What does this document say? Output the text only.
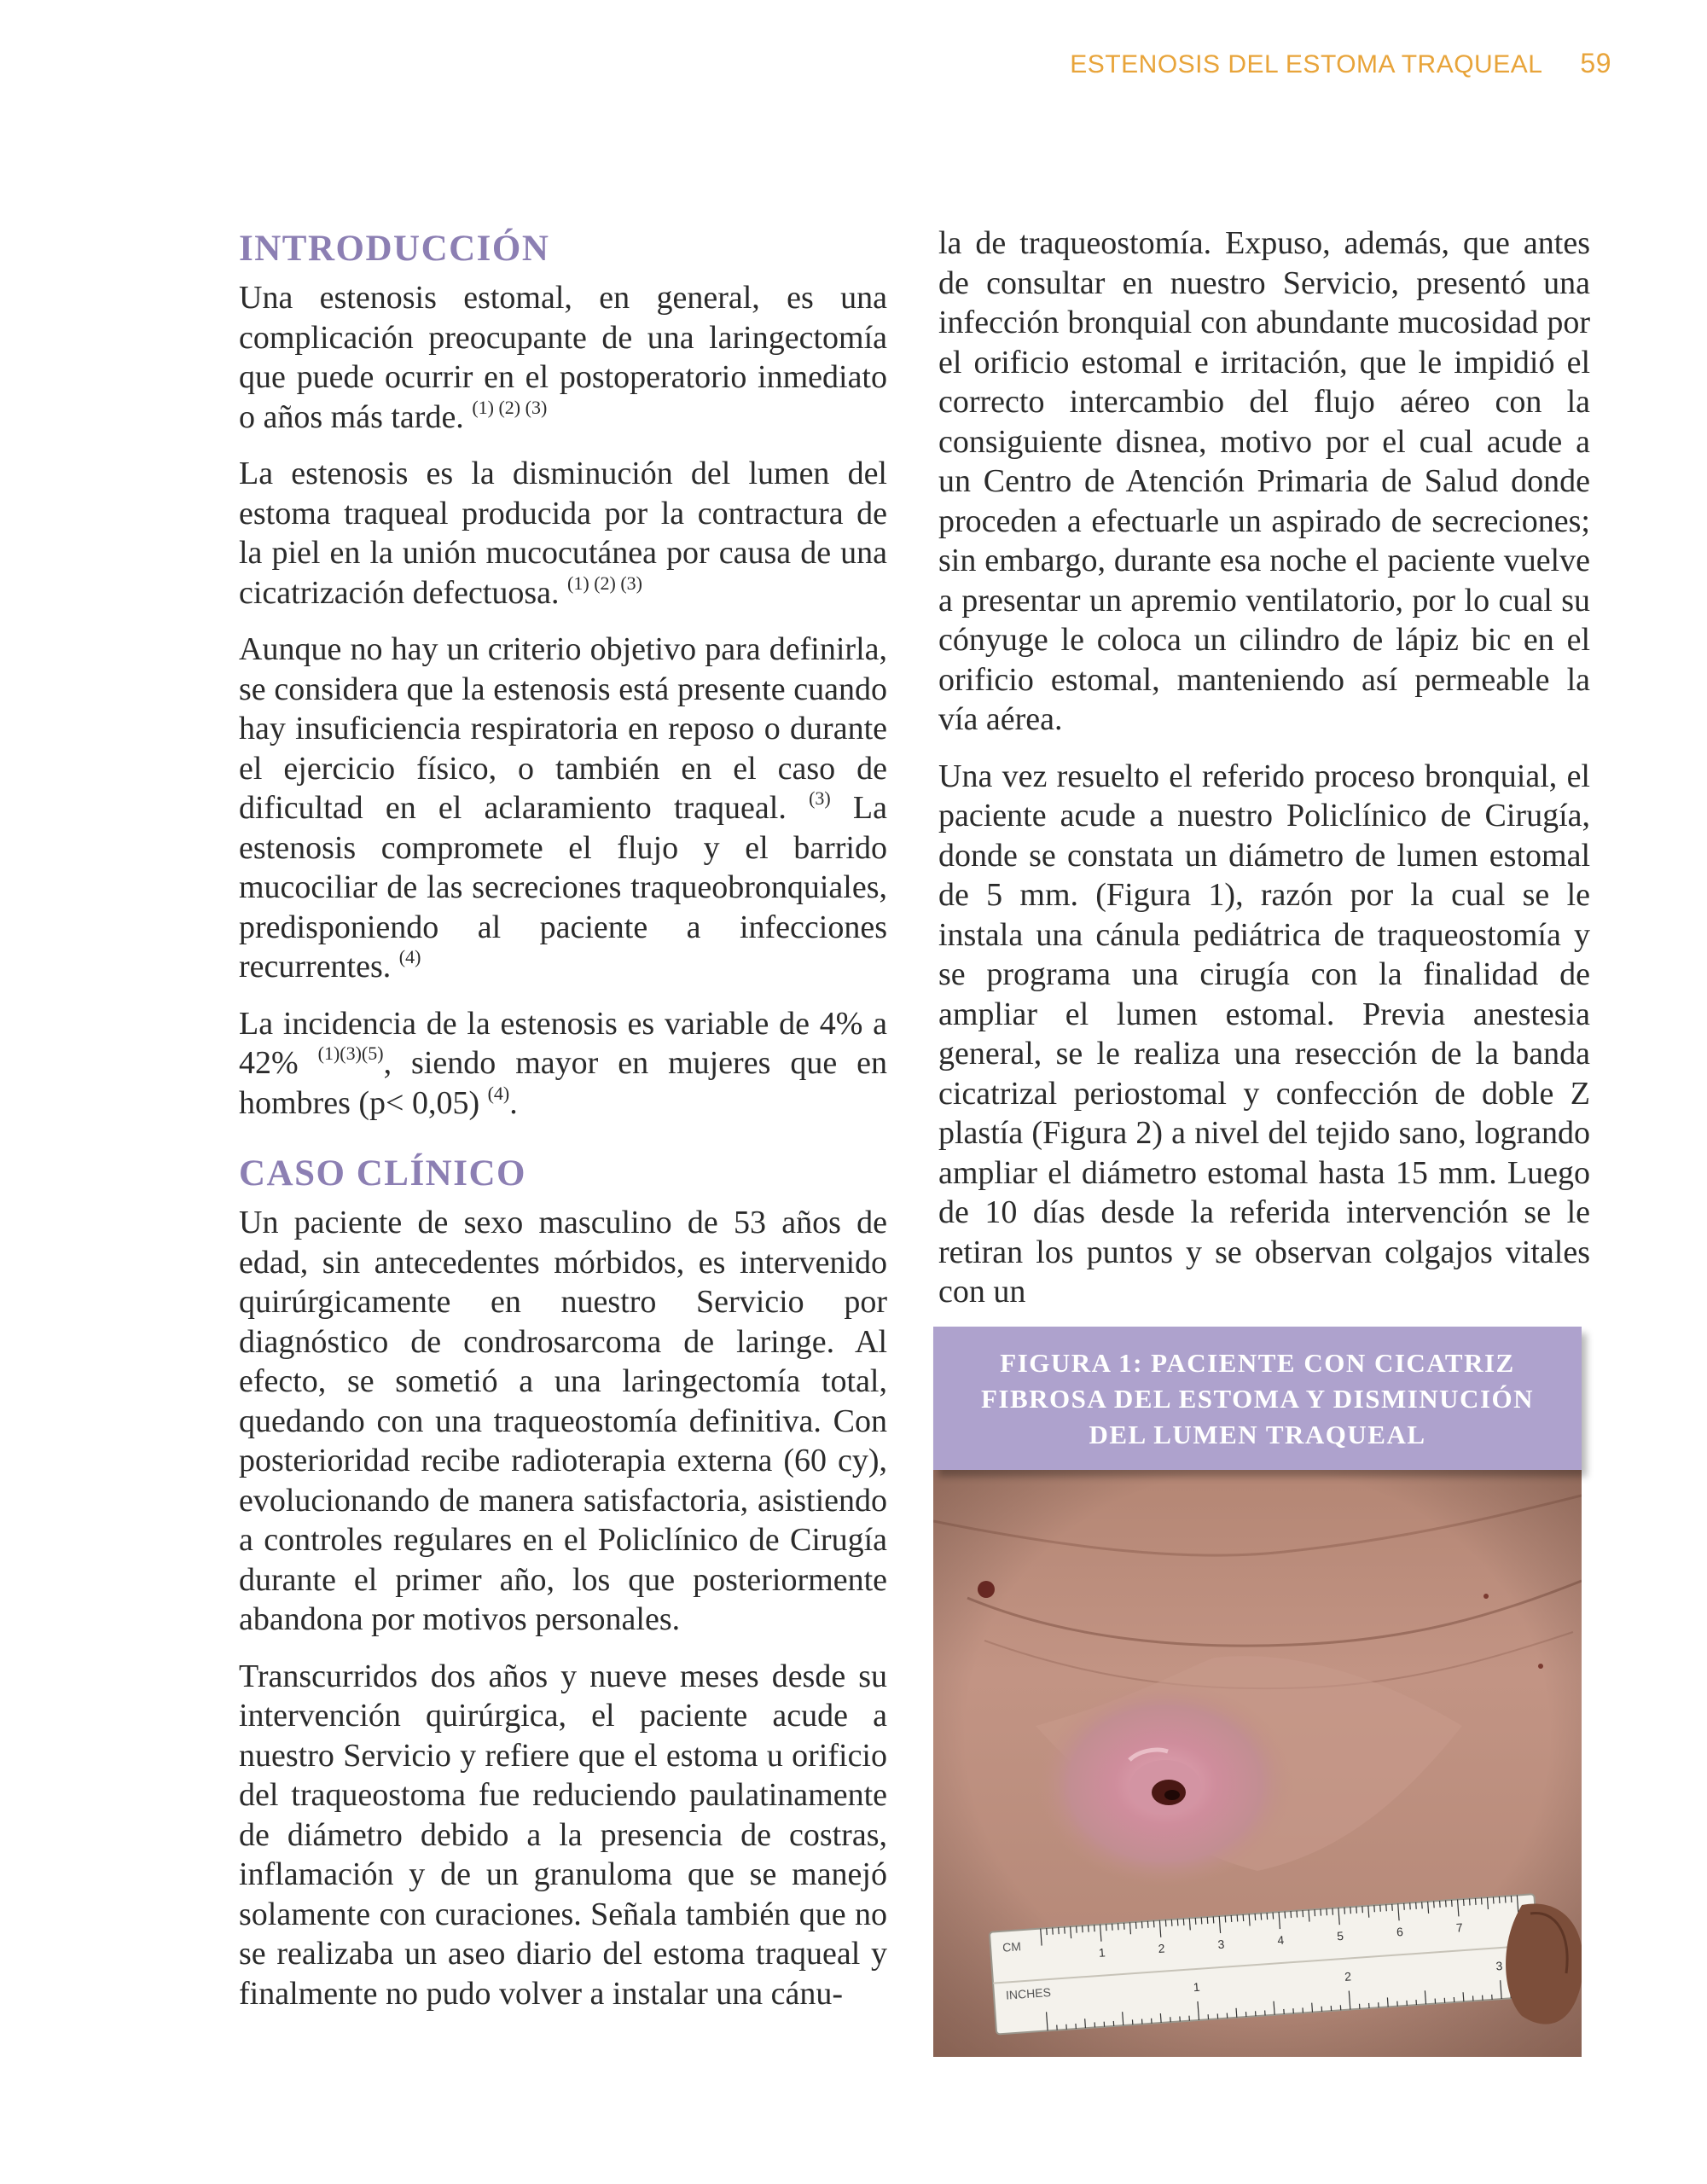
ESTENOSIS DEL ESTOMA TRAQUEAL 59
INTRODUCCIÓN

Una estenosis estomal, en general, es una complicación preocupante de una laringectomía que puede ocurrir en el postoperatorio inmediato o años más tarde. $^{(1) (2) (3)}$

La estenosis es la disminución del lumen del estoma traqueal producida por la contractura de la piel en la unión mucocutánea por causa de una cicatrización defectuosa. $^{(1) (2) (3)}$

Aunque no hay un criterio objetivo para definirla, se considera que la estenosis está presente cuando hay insuficiencia respiratoria en reposo o durante el ejercicio físico, o también en el caso de dificultad en el aclaramiento traqueal. $^{(3)}$ La estenosis compromete el flujo y el barrido mucociliar de las secreciones traqueobronquiales, predisponiendo al paciente a infecciones recurrentes. $^{(4)}$

La incidencia de la estenosis es variable de 4% a 42% $^{(1)(3)(5)}$, siendo mayor en mujeres que en hombres (p< 0,05) $^{(4)}$.

CASO CLÍNICO

Un paciente de sexo masculino de 53 años de edad, sin antecedentes mórbidos, es intervenido quirúrgicamente en nuestro Servicio por diagnóstico de condrosarcoma de laringe. Al efecto, se sometió a una laringectomía total, quedando con una traqueostomía definitiva. Con posterioridad recibe radioterapia externa (60 cy), evolucionando de manera satisfactoria, asistiendo a controles regulares en el Policlínico de Cirugía durante el primer año, los que posteriormente abandona por motivos personales.

Transcurridos dos años y nueve meses desde su intervención quirúrgica, el paciente acude a nuestro Servicio y refiere que el estoma u orificio del traqueostoma fue reduciendo paulatinamente de diámetro debido a la presencia de costras, inflamación y de un granuloma que se manejó solamente con curaciones. Señala también que no se realizaba un aseo diario del estoma traqueal y finalmente no pudo volver a instalar una cánu-

la de traqueostomía. Expuso, además, que antes de consultar en nuestro Servicio, presentó una infección bronquial con abundante mucosidad por el orificio estomal e irritación, que le impidió el correcto intercambio del flujo aéreo con la consiguiente disnea, motivo por el cual acude a un Centro de Atención Primaria de Salud donde proceden a efectuarle un aspirado de secreciones; sin embargo, durante esa noche el paciente vuelve a presentar un apremio ventilatorio, por lo cual su cónyuge le coloca un cilindro de lápiz bic en el orificio estomal, manteniendo así permeable la vía aérea.

Una vez resuelto el referido proceso bronquial, el paciente acude a nuestro Policlínico de Cirugía, donde se constata un diámetro de lumen estomal de 5 mm. (Figura 1), razón por la cual se le instala una cánula pediátrica de traqueostomía y se programa una cirugía con la finalidad de ampliar el lumen estomal. Previa anestesia general, se le realiza una resección de la banda cicatrizal periostomal y confección de doble Z plastía (Figura 2) a nivel del tejido sano, logrando ampliar el diámetro estomal hasta 15 mm. Luego de 10 días desde la referida intervención se le retiran los puntos y se observan colgajos vitales con un

FIGURA 1: PACIENTE CON CICATRIZ
FIBROSA DEL ESTOMA Y DISMINUCIÓN
DEL LUMEN TRAQUEAL
CM
INCHES
1	2	3	4	5	6	7
1
2
3
